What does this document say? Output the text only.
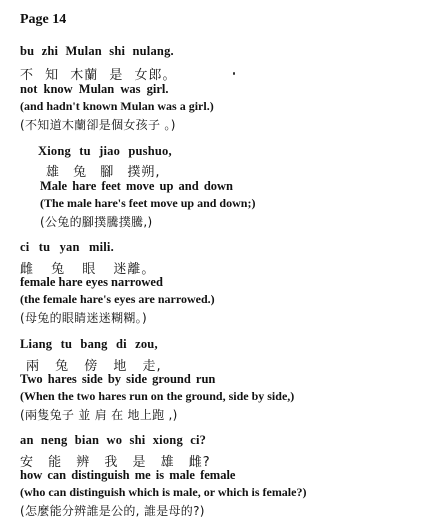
Page 14
bu zhi Mulan shi nulang.
不 知 木蘭 是 女郎。
not know Mulan was girl.
(and hadn't known Mulan was a girl.)
(不知道木蘭卻是個女孩子 。)
Xiong tu jiao pushuo,
雄 兔 腳 撲朔,
Male hare feet move up and down
(The male hare's feet move up and down;)
(公兔的腳撲騰撲騰,)
ci tu yan mili.
雌 兔 眼 迷離。
female hare eyes narrowed
(the female hare's eyes are narrowed.)
(母兔的眼睛迷迷糊糊。)
Liang tu bang di zou,
兩 兔 傍 地 走,
Two hares side by side ground run
(When the two hares run on the ground, side by side,)
(兩隻兔子 並 肩 在 地上跑 ,)
an neng bian wo shi xiong ci?
安 能 辨 我 是 雄 雌?
how can distinguish me is male female
(who can distinguish which is male, or which is female?)
(怎麼能分辨誰是公的, 誰是母的?)
